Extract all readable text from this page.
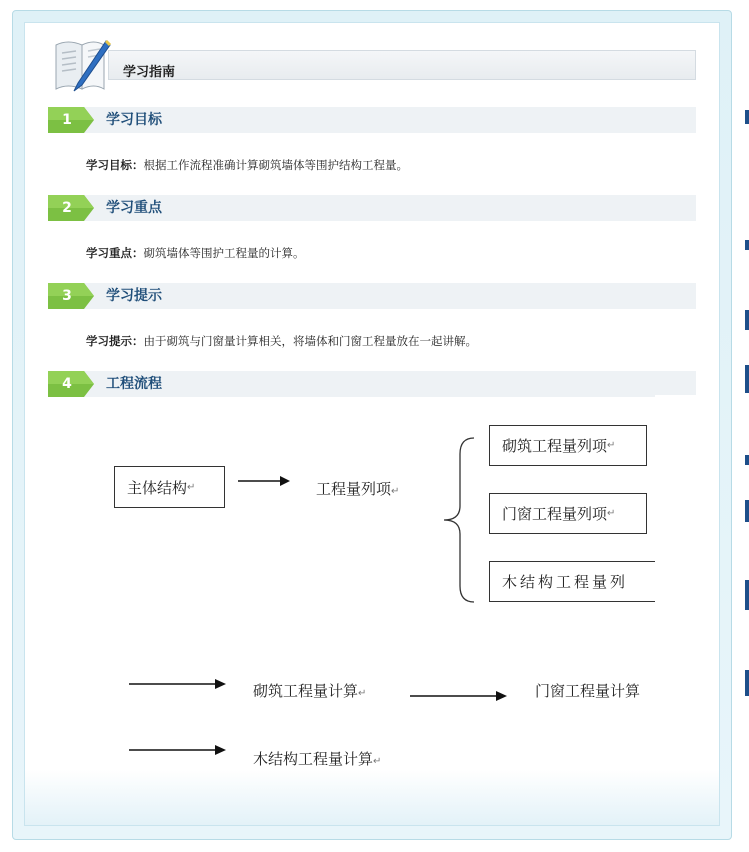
学习指南
1	学习目标
学习目标：根据工作流程准确计算砌筑墙体等围护结构工程量。
2	学习重点
学习重点：砌筑墙体等围护工程量的计算。
3	学习提示
学习提示：由于砌筑与门窗量计算相关，将墙体和门窗工程量放在一起讲解。
4	工程流程
主体结构 ↵	工程量列项↵
砌筑工程量列项 ↵
门窗工程量列项 ↵
木结构工程量列
砌筑工程量计算↵	门窗工程量计算
木结构工程量计算↵
